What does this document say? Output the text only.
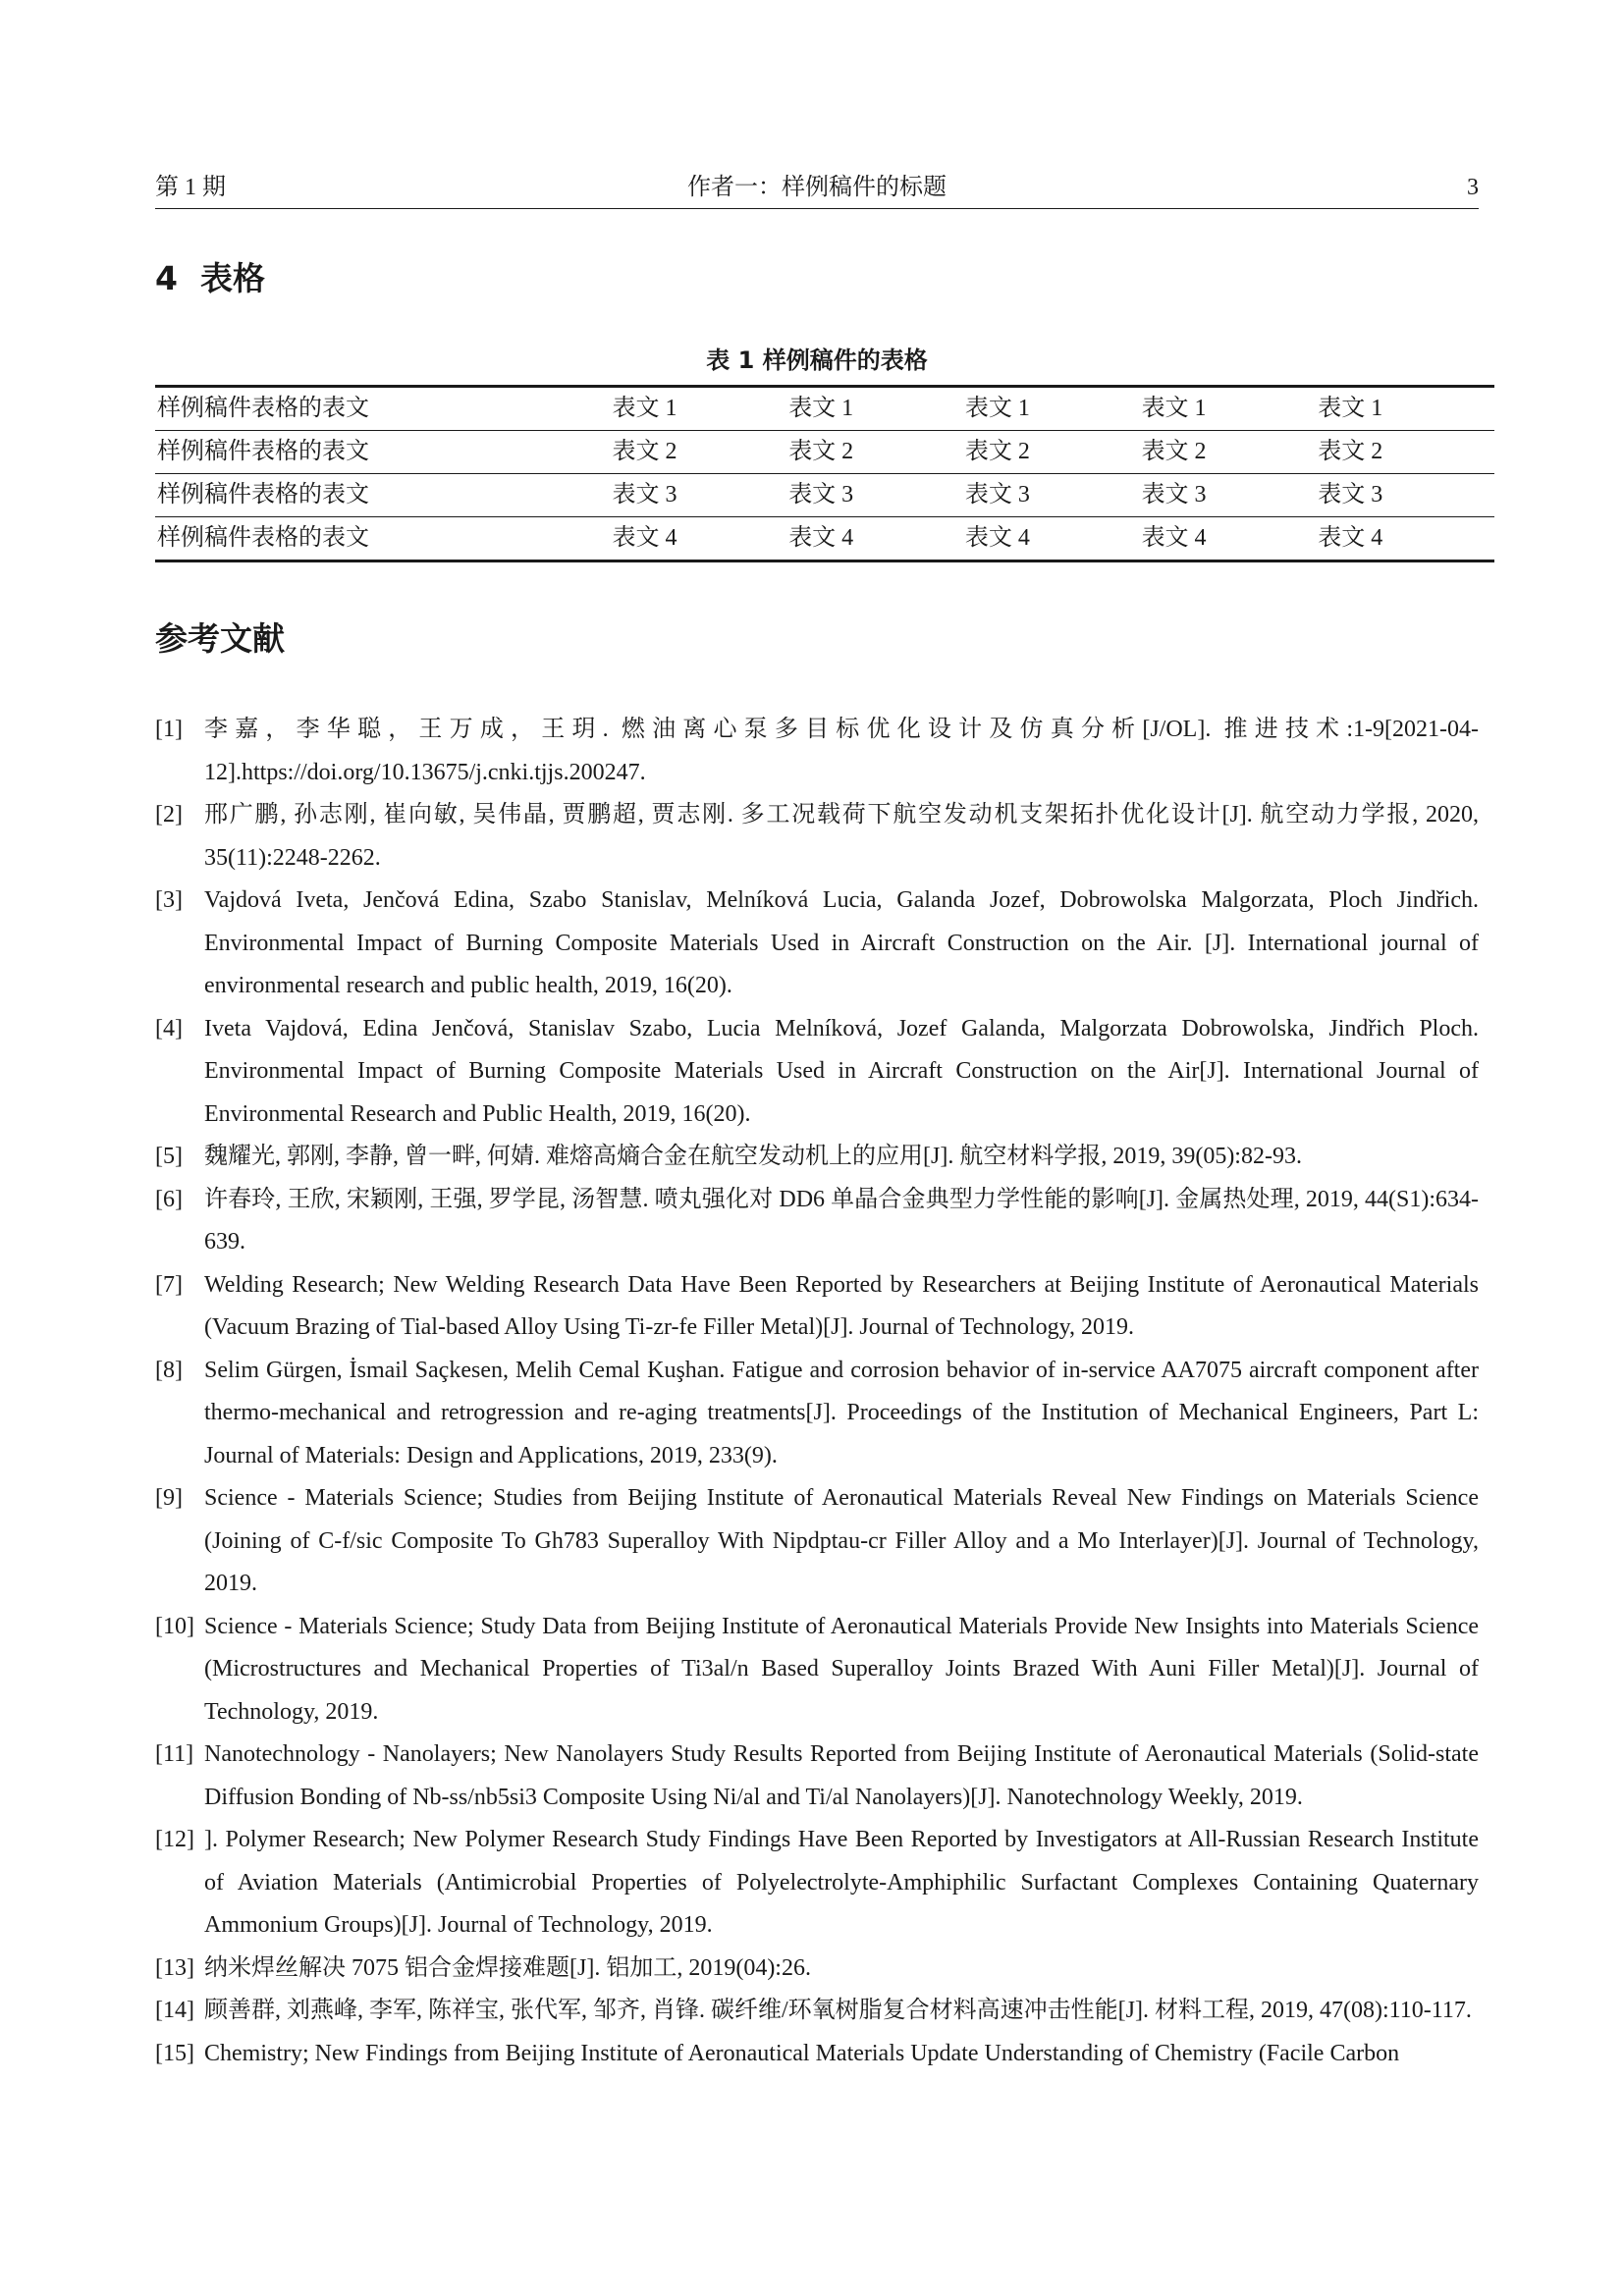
第 1 期	作者一：样例稿件的标题	3
4 表格
表 1 样例稿件的表格
样例稿件表格的表文	表文 1	表文 1	表文 1	表文 1	表文 1
样例稿件表格的表文	表文 2	表文 2	表文 2	表文 2	表文 2
样例稿件表格的表文	表文 3	表文 3	表文 3	表文 3	表文 3
样例稿件表格的表文	表文 4	表文 4	表文 4	表文 4	表文 4
参考文献
[1] 李嘉，李华聪，王万成，王玥. 燃油离心泵多目标优化设计及仿真分析[J/OL]. 推进技术:1-9[2021-04-12].https://doi.org/10.13675/j.cnki.tjjs.200247.
[2] 邢广鹏, 孙志刚, 崔向敏, 吴伟晶, 贾鹏超, 贾志刚. 多工况载荷下航空发动机支架拓扑优化设计[J]. 航空动力学报, 2020, 35(11):2248-2262.
[3] Vajdová Iveta, Jenčová Edina, Szabo Stanislav, Melníková Lucia, Galanda Jozef, Dobrowolska Malgorzata, Ploch Jindřich. Environmental Impact of Burning Composite Materials Used in Aircraft Construction on the Air. [J]. International journal of environmental research and public health, 2019, 16(20).
[4] Iveta Vajdová, Edina Jenčová, Stanislav Szabo, Lucia Melníková, Jozef Galanda, Malgorzata Dobrowolska, Jindřich Ploch. Environmental Impact of Burning Composite Materials Used in Aircraft Construction on the Air[J]. International Journal of Environmental Research and Public Health, 2019, 16(20).
[5] 魏耀光, 郭刚, 李静, 曾一畔, 何婧. 难熔高熵合金在航空发动机上的应用[J]. 航空材料学报, 2019, 39(05):82-93.
[6] 许春玲, 王欣, 宋颖刚, 王强, 罗学昆, 汤智慧. 喷丸强化对 DD6 单晶合金典型力学性能的影响[J]. 金属热处理, 2019, 44(S1):634-639.
[7] Welding Research; New Welding Research Data Have Been Reported by Researchers at Beijing Institute of Aeronautical Materials (Vacuum Brazing of Tial-based Alloy Using Ti-zr-fe Filler Metal)[J]. Journal of Technology, 2019.
[8] Selim Gürgen, İsmail Saçkesen, Melih Cemal Kuşhan. Fatigue and corrosion behavior of in-service AA7075 aircraft component after thermo-mechanical and retrogression and re-aging treatments[J]. Proceedings of the Institution of Mechanical Engineers, Part L: Journal of Materials: Design and Applications, 2019, 233(9).
[9] Science - Materials Science; Studies from Beijing Institute of Aeronautical Materials Reveal New Findings on Materials Science (Joining of C-f/sic Composite To Gh783 Superalloy With Nipdptau-cr Filler Alloy and a Mo Interlayer)[J]. Journal of Technology, 2019.
[10] Science - Materials Science; Study Data from Beijing Institute of Aeronautical Materials Provide New Insights into Materials Science (Microstructures and Mechanical Properties of Ti3al/n Based Superalloy Joints Brazed With Auni Filler Metal)[J]. Journal of Technology, 2019.
[11] Nanotechnology - Nanolayers; New Nanolayers Study Results Reported from Beijing Institute of Aeronautical Materials (Solid-state Diffusion Bonding of Nb-ss/nb5si3 Composite Using Ni/al and Ti/al Nanolayers)[J]. Nanotechnology Weekly, 2019.
[12] ]. Polymer Research; New Polymer Research Study Findings Have Been Reported by Investigators at All-Russian Research Institute of Aviation Materials (Antimicrobial Properties of Polyelectrolyte-Amphiphilic Surfactant Complexes Containing Quaternary Ammonium Groups)[J]. Journal of Technology, 2019.
[13] 纳米焊丝解决 7075 铝合金焊接难题[J]. 铝加工, 2019(04):26.
[14] 顾善群, 刘燕峰, 李军, 陈祥宝, 张代军, 邹齐, 肖锋. 碳纤维/环氧树脂复合材料高速冲击性能[J]. 材料工程, 2019, 47(08):110-117.
[15] Chemistry; New Findings from Beijing Institute of Aeronautical Materials Update Understanding of Chemistry (Facile Carbon
